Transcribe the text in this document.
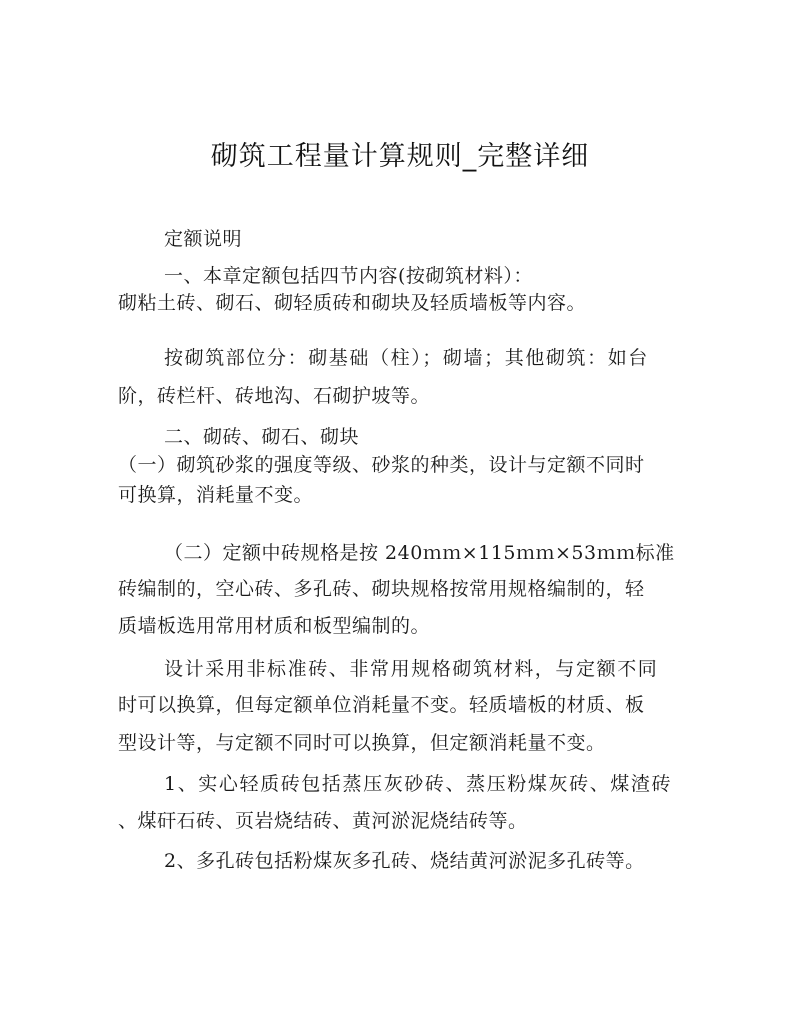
砌筑工程量计算规则_完整详细
定额说明
一、本章定额包括四节内容(按砌筑材料）：
砌粘土砖、砌石、砌轻质砖和砌块及轻质墙板等内容。
按砌筑部位分：砌基础（柱）；砌墙；其他砌筑：如台
阶，砖栏杆、砖地沟、石砌护坡等。
二、砌砖、砌石、砌块
（一）砌筑砂浆的强度等级、砂浆的种类，设计与定额不同时
可换算，消耗量不变。
（二）定额中砖规格是按 240ｍｍ×115ｍｍ×53ｍｍ标准
砖编制的，空心砖、多孔砖、砌块规格按常用规格编制的，轻
质墙板选用常用材质和板型编制的。
设计采用非标准砖、非常用规格砌筑材料，与定额不同
时可以换算，但每定额单位消耗量不变。轻质墙板的材质、板
型设计等，与定额不同时可以换算，但定额消耗量不变。
1、实心轻质砖包括蒸压灰砂砖、蒸压粉煤灰砖、煤渣砖
、煤矸石砖、页岩烧结砖、黄河淤泥烧结砖等。
2、多孔砖包括粉煤灰多孔砖、烧结黄河淤泥多孔砖等。
